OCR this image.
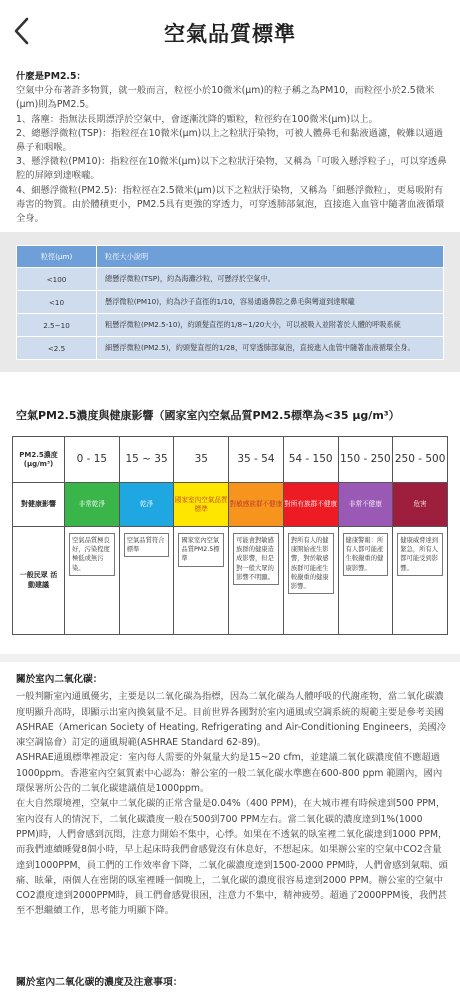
空氣品質標準

什麼是PM2.5：

空氣中分布著許多物質，就一般而言，粒徑小於10微米(μm)的粒子稱之為PM10，而粒徑小於2.5微米(μm)則為PM2.5。

1、落塵：指無法長期漂浮於空氣中，會逐漸沈降的顆粒，粒徑約在100微米(μm)以上。

2、總懸浮微粒(TSP)：指粒徑在10微米(μm)以上之粒狀汙染物，可被人體鼻毛和黏液過濾，較難以通過鼻子和咽喉。

3、懸浮微粒(PM10)：指粒徑在10微米(μm)以下之粒狀汙染物，又稱為「可吸入懸浮粒子」，可以穿透鼻腔的屏障到達喉嚨。

4、細懸浮微粒(PM2.5)：指粒徑在2.5微米(μm)以下之粒狀汙染物，又稱為「細懸浮微粒」，更易吸附有毒害的物質。由於體積更小，PM2.5具有更強的穿透力，可穿透肺部氣泡，直接進入血管中隨著血液循環全身。

粒徑(μm)	粒徑大小說明
<100	總懸浮微粒(TSP)，約為海灘沙粒，可懸浮於空氣中。
<10	懸浮微粒(PM10)，約為沙子直徑的1/10，容易通過鼻腔之鼻毛與彎道到達喉嚨
2.5~10	粗懸浮微粒(PM2.5-10)，約頭髮直徑的1/8~1/20大小，可以被吸入並附著於人體的呼吸系統
<2.5	細懸浮微粒(PM2.5)，約頭髮直徑的1/28，可穿透肺部氣泡，直接進入血管中隨著血液循環全身。
空氣PM2.5濃度與健康影響（國家室內空氣品質PM2.5標準為<35 μg/m³）
PM2.5濃度 (μg/m³)	0 - 15	15 ~ 35	35	35 - 54	54 - 150	150 - 250	250 - 500
對健康影響	非常乾淨	乾淨	國家室內空氣品質標準	對敏感族群不健康	對所有族群不健康	非常不健康	危害
一般民眾 活動建議	空氣品質極良好，污染程度極低或無污染。	空氣品質符合標準	國家室內空氣品質PM2.5標準	可能會對敏感族群的健康造成影響，但是對一般大眾的影響不明顯。	對所有人的健康開始產生影響，對於敏感族群可能產生較嚴重的健康影響。	健康警報：所有人都可能產生較嚴重的健康影響。	健康威脅達到緊急，所有人都可能受到影響。

關於室內二氧化碳：

一般判斷室內通風優劣，主要是以二氧化碳為指標，因為二氧化碳為人體呼吸的代謝產物，當二氧化碳濃度明顯升高時，即顯示出室內換氣量不足。目前世界各國對於室內通風或空調系統的規範主要是參考美國ASHRAE（American Society of Heating, Refrigerating and Air-Conditioning Engineers，美國冷凍空調協會）訂定的通風規範(ASHRAE Standard 62-89)。

ASHRAE通風標準裡設定：室內每人需要的外氣量大約是15~20 cfm，並建議二氧化碳濃度值不應超過1000ppm。香港室內空氣質素中心認為：辦公室的一般二氧化碳水準應在600-800 ppm 範圍內，國內環保署所公告的二氧化碳建議值是1000ppm。

在大自然環境裡，空氣中二氧化碳的正常含量是0.04%（400 PPM)，在大城市裡有時候達到500 PPM，室內沒有人的情況下，二氧化碳濃度一般在500到700 PPM左右。當二氧化碳的濃度達到1%(1000 PPM)時，人們會感到沉悶，注意力開始不集中，心悸。如果在不透氣的臥室裡二氧化碳達到1000 PPM，而我們連續睡覺8個小時，早上起床時我們會感覺沒有休息好，不想起床。如果辦公室的空氣中CO2含量達到1000PPM，員工們的工作效率會下降，二氧化碳濃度達到1500-2000 PPM時，人們會感到氣喘、頭痛、眩暈，兩個人在密閉的臥室裡睡一個晚上，二氧化碳的濃度很容易達到2000 PPM。辦公室的空氣中CO2濃度達到2000PPM時，員工們會感覺很困，注意力不集中，精神疲勞。超過了2000PPM後，我們甚至不想繼續工作，思考能力明顯下降。

關於室內二氧化碳的濃度及注意事項：
